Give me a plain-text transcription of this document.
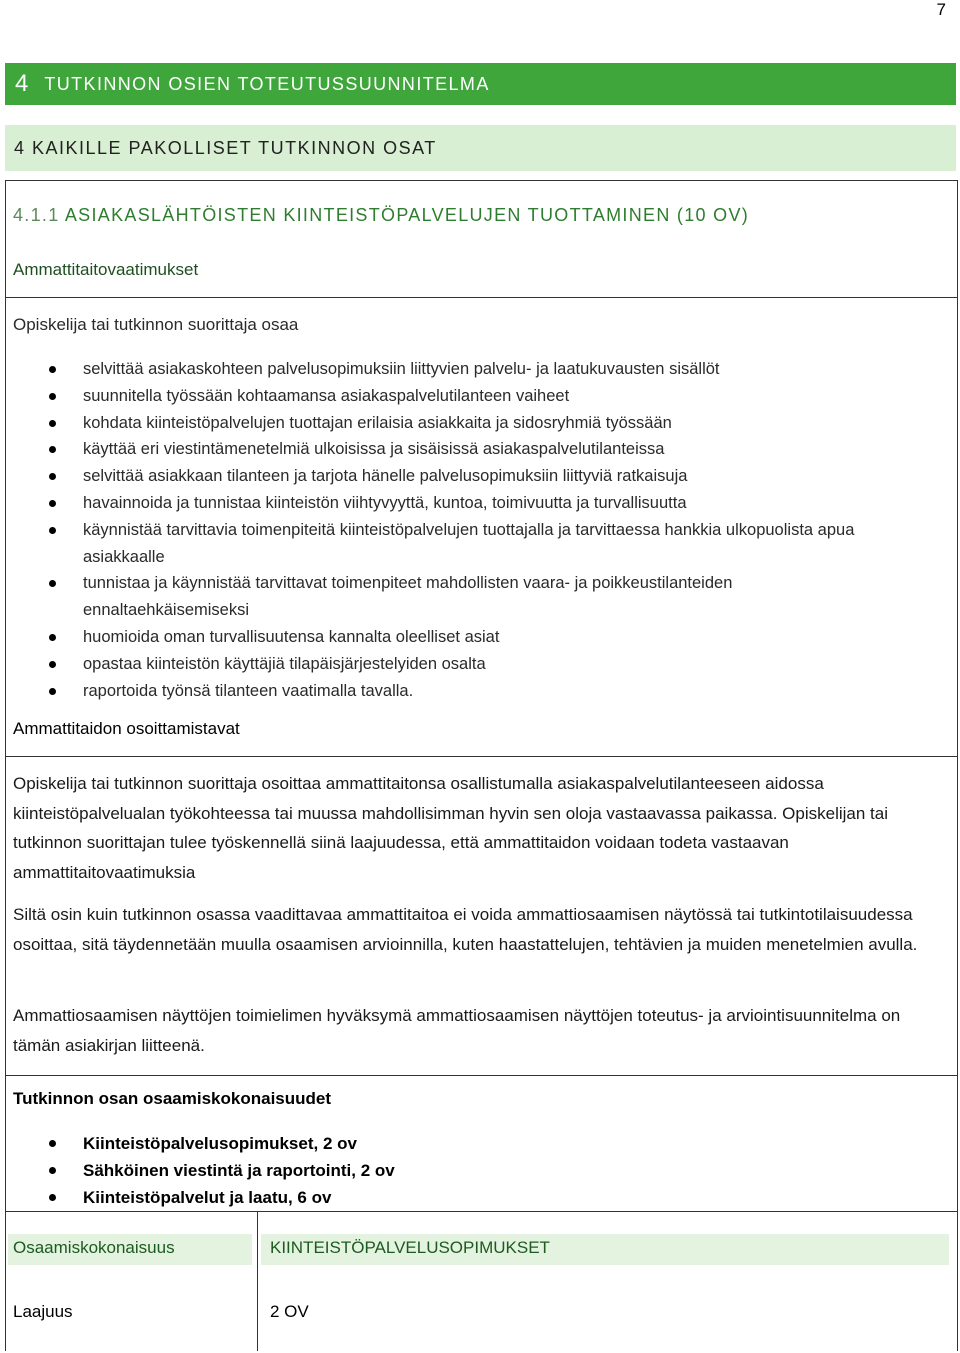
7
4 TUTKINNON OSIEN TOTEUTUSSUUNNITELMA
4 KAIKILLE PAKOLLISET TUTKINNON OSAT
4.1.1 ASIAKASLÄHTÖISTEN KIINTEISTÖPALVELUJEN TUOTTAMINEN (10 OV)
Ammattitaitovaatimukset
Opiskelija tai tutkinnon suorittaja osaa
selvittää asiakaskohteen palvelusopimuksiin liittyvien palvelu- ja laatukuvausten sisällöt
suunnitella työssään kohtaamansa asiakaspalvelutilanteen vaiheet
kohdata kiinteistöpalvelujen tuottajan erilaisia asiakkaita ja sidosryhmiä työssään
käyttää eri viestintämenetelmiä ulkoisissa ja sisäisissä asiakaspalvelutilanteissa
selvittää asiakkaan tilanteen ja tarjota hänelle palvelusopimuksiin liittyviä ratkaisuja
havainnoida ja tunnistaa kiinteistön viihtyvyyttä, kuntoa, toimivuutta ja turvallisuutta
käynnistää tarvittavia toimenpiteitä kiinteistöpalvelujen tuottajalla ja tarvittaessa hankkia ulkopuolista apua asiakkaalle
tunnistaa ja käynnistää tarvittavat toimenpiteet mahdollisten vaara- ja poikkeustilanteiden ennaltaehkäisemiseksi
huomioida oman turvallisuutensa kannalta oleelliset asiat
opastaa kiinteistön käyttäjiä tilapäisjärjestelyiden osalta
raportoida työnsä tilanteen vaatimalla tavalla.
Ammattitaidon osoittamistavat
Opiskelija tai tutkinnon suorittaja osoittaa ammattitaitonsa osallistumalla asiakaspalvelutilanteeseen aidossa kiinteistöpalvelualan työkohteessa tai muussa mahdollisimman hyvin sen oloja vastaavassa paikassa. Opiskelijan tai tutkinnon suorittajan tulee työskennellä siinä laajuudessa, että ammattitaidon voidaan todeta vastaavan ammattitaitovaatimuksia
Siltä osin kuin tutkinnon osassa vaadittavaa ammattitaitoa ei voida ammattiosaamisen näytössä tai tutkintotilaisuudessa osoittaa, sitä täydennetään muulla osaamisen arvioinnilla, kuten haastattelujen, tehtävien ja muiden menetelmien avulla.
Ammattiosaamisen näyttöjen toimielimen hyväksymä ammattiosaamisen näyttöjen toteutus- ja arviointisuunnitelma on tämän asiakirjan liitteenä.
Tutkinnon osan osaamiskokonaisuudet
Kiinteistöpalvelusopimukset, 2 ov
Sähköinen viestintä ja raportointi, 2 ov
Kiinteistöpalvelut ja laatu, 6 ov
Osaamiskokonaisuus	KIINTEISTÖPALVELUSOPIMUKSET
Laajuus	2 OV
